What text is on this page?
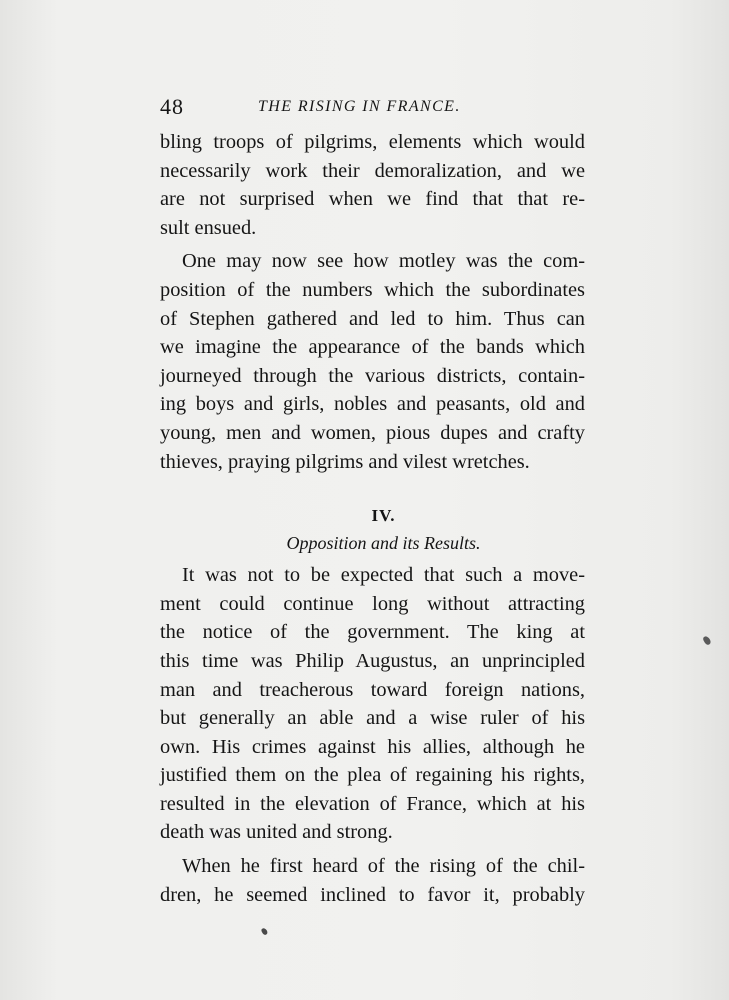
48	THE RISING IN FRANCE.

bling troops of pilgrims, elements which would
necessarily work their demoralization, and we
are not surprised when we find that that re-
sult ensued.

One may now see how motley was the com-
position of the numbers which the subordinates
of Stephen gathered and led to him. Thus can
we imagine the appearance of the bands which
journeyed through the various districts, contain-
ing boys and girls, nobles and peasants, old and
young, men and women, pious dupes and crafty
thieves, praying pilgrims and vilest wretches.

IV.
Opposition and its Results.

It was not to be expected that such a move-
ment could continue long without attracting
the notice of the government. The king at
this time was Philip Augustus, an unprincipled
man and treacherous toward foreign nations,
but generally an able and a wise ruler of his
own. His crimes against his allies, although he
justified them on the plea of regaining his rights,
resulted in the elevation of France, which at his
death was united and strong.

When he first heard of the rising of the chil-
dren, he seemed inclined to favor it, probably
